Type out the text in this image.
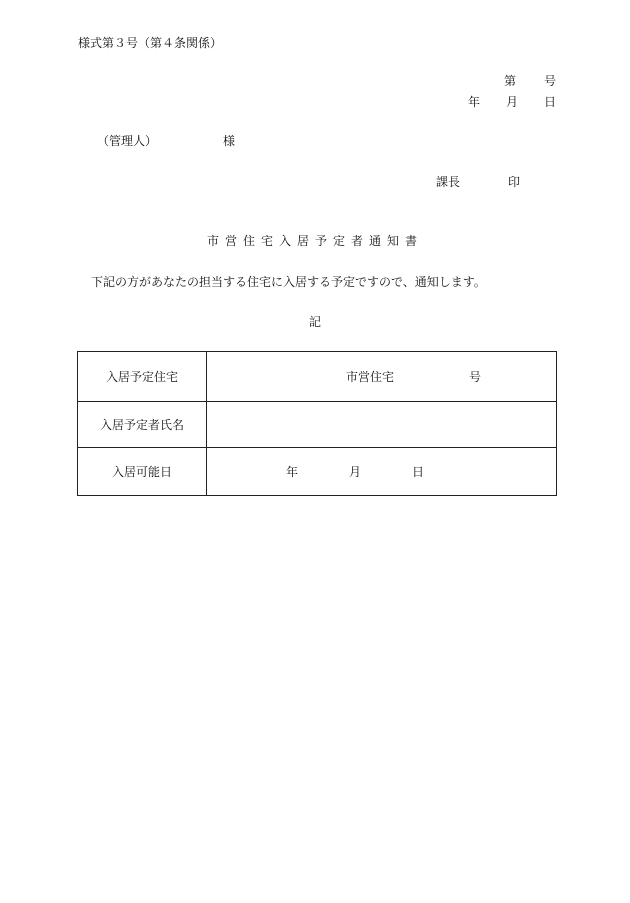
様式第３号（第４条関係）
第 号
年 月 日
（管理人）	様
課長	印
市営住宅入居予定者通知書
下記の方があなたの担当する住宅に入居する予定ですので、通知します。
記
入居予定住宅	市営住宅 号
入居予定者氏名	
入居可能日	年 月 日
